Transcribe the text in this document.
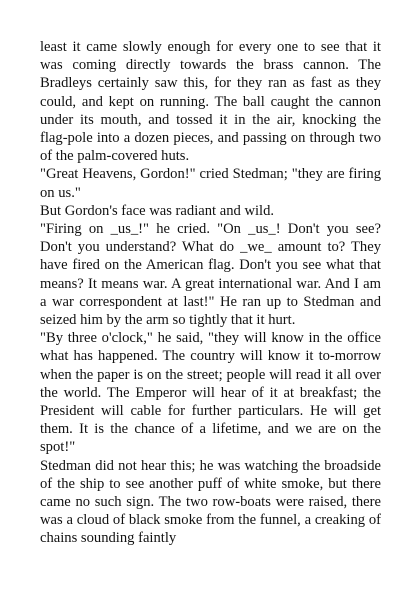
least it came slowly enough for every one to see that it was coming directly towards the brass cannon. The Bradleys certainly saw this, for they ran as fast as they could, and kept on running. The ball caught the cannon under its mouth, and tossed it in the air, knocking the flag-pole into a dozen pieces, and passing on through two of the palm-covered huts.

"Great Heavens, Gordon!" cried Stedman; "they are firing on us."

But Gordon's face was radiant and wild.

"Firing on _us_!" he cried. "On _us_! Don't you see? Don't you understand? What do _we_ amount to? They have fired on the American flag. Don't you see what that means? It means war. A great international war. And I am a war correspondent at last!" He ran up to Stedman and seized him by the arm so tightly that it hurt.

"By three o'clock," he said, "they will know in the office what has happened. The country will know it to-morrow when the paper is on the street; people will read it all over the world. The Emperor will hear of it at breakfast; the President will cable for further particulars. He will get them. It is the chance of a lifetime, and we are on the spot!"

Stedman did not hear this; he was watching the broadside of the ship to see another puff of white smoke, but there came no such sign. The two row-boats were raised, there was a cloud of black smoke from the funnel, a creaking of chains sounding faintly
